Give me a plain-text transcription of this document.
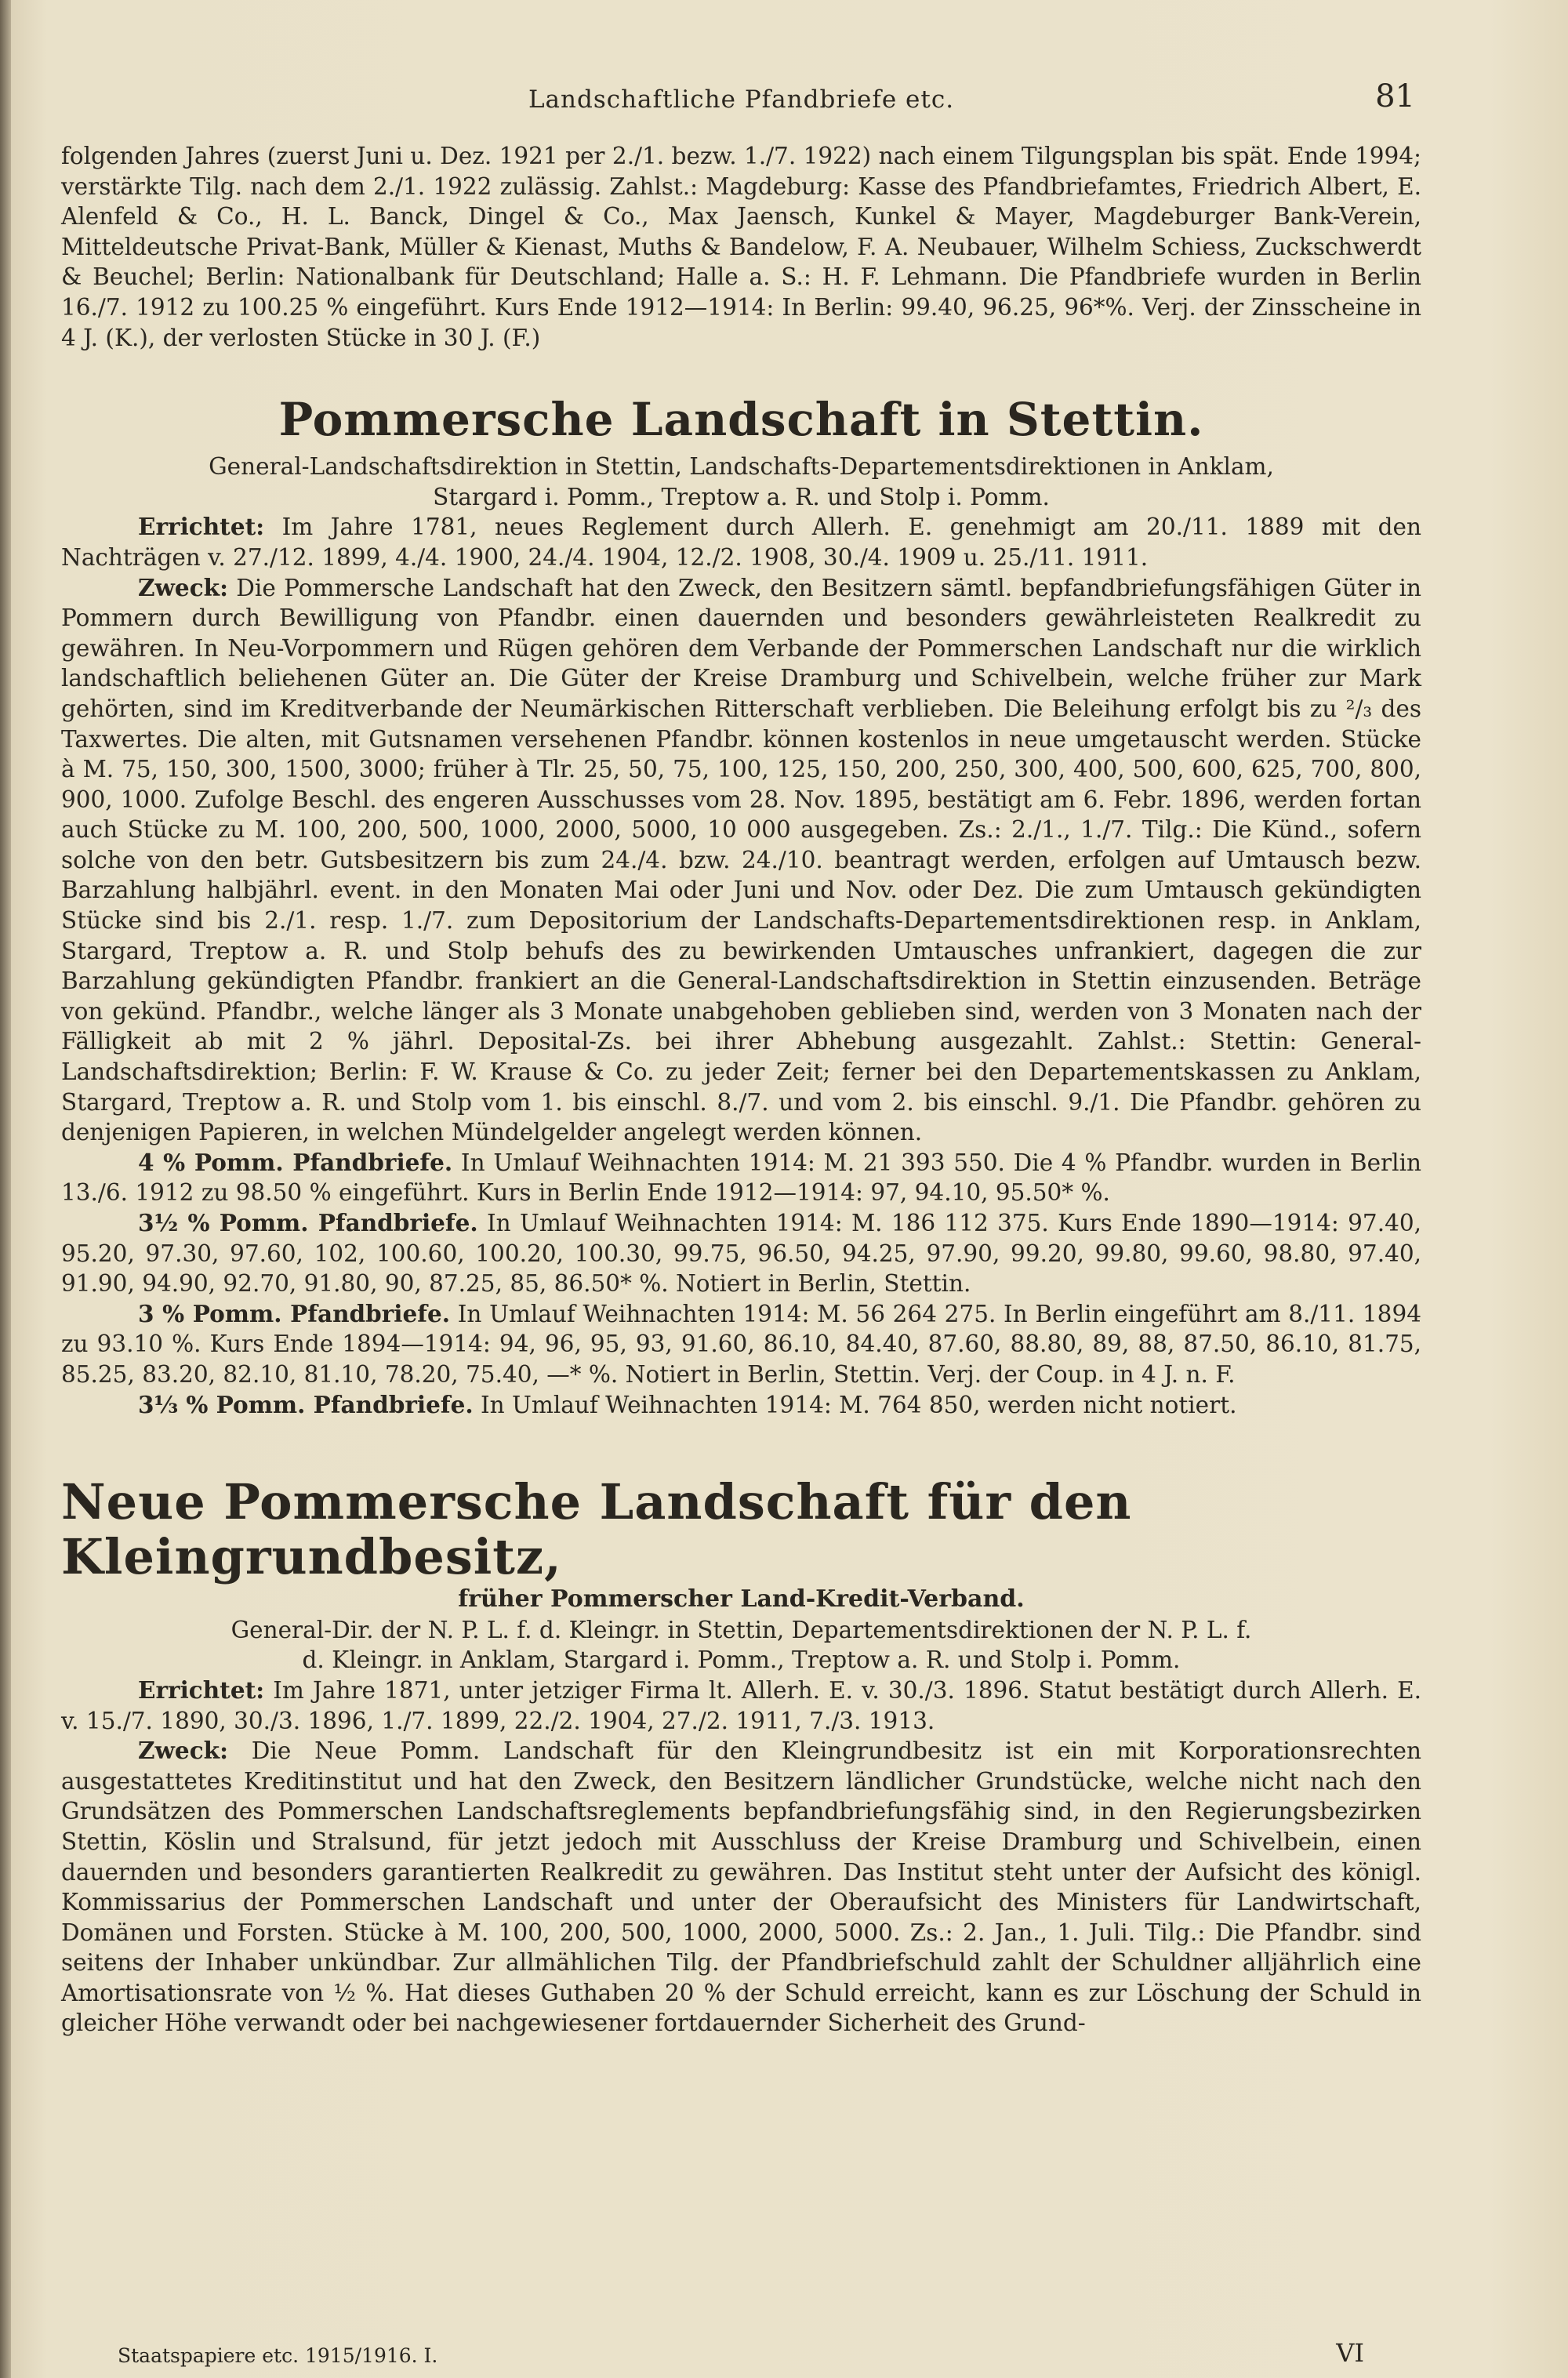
Landschaftliche Pfandbriefe etc.	81

folgenden Jahres (zuerst Juni u. Dez. 1921 per 2./1. bezw. 1./7. 1922) nach einem Tilgungsplan bis spät. Ende 1994; verstärkte Tilg. nach dem 2./1. 1922 zulässig. Zahlst.: Magdeburg: Kasse des Pfandbriefamtes, Friedrich Albert, E. Alenfeld & Co., H. L. Banck, Dingel & Co., Max Jaensch, Kunkel & Mayer, Magdeburger Bank-Verein, Mitteldeutsche Privat-Bank, Müller & Kienast, Muths & Bandelow, F. A. Neubauer, Wilhelm Schiess, Zuckschwerdt & Beuchel; Berlin: Nationalbank für Deutschland; Halle a. S.: H. F. Lehmann. Die Pfandbriefe wurden in Berlin 16./7. 1912 zu 100.25 % eingeführt. Kurs Ende 1912—1914: In Berlin: 99.40, 96.25, 96*%. Verj. der Zinsscheine in 4 J. (K.), der verlosten Stücke in 30 J. (F.)

Pommersche Landschaft in Stettin.

General-Landschaftsdirektion in Stettin, Landschafts-Departementsdirektionen in Anklam,

Stargard i. Pomm., Treptow a. R. und Stolp i. Pomm.

Errichtet: Im Jahre 1781, neues Reglement durch Allerh. E. genehmigt am 20./11. 1889 mit den Nachträgen v. 27./12. 1899, 4./4. 1900, 24./4. 1904, 12./2. 1908, 30./4. 1909 u. 25./11. 1911.

Zweck: Die Pommersche Landschaft hat den Zweck, den Besitzern sämtl. bepfandbriefungsfähigen Güter in Pommern durch Bewilligung von Pfandbr. einen dauernden und besonders gewährleisteten Realkredit zu gewähren. In Neu-Vorpommern und Rügen gehören dem Verbande der Pommerschen Landschaft nur die wirklich landschaftlich beliehenen Güter an. Die Güter der Kreise Dramburg und Schivelbein, welche früher zur Mark gehörten, sind im Kreditverbande der Neumärkischen Ritterschaft verblieben. Die Beleihung erfolgt bis zu ²/₃ des Taxwertes. Die alten, mit Gutsnamen versehenen Pfandbr. können kostenlos in neue umgetauscht werden. Stücke à M. 75, 150, 300, 1500, 3000; früher à Tlr. 25, 50, 75, 100, 125, 150, 200, 250, 300, 400, 500, 600, 625, 700, 800, 900, 1000. Zufolge Beschl. des engeren Ausschusses vom 28. Nov. 1895, bestätigt am 6. Febr. 1896, werden fortan auch Stücke zu M. 100, 200, 500, 1000, 2000, 5000, 10 000 ausgegeben. Zs.: 2./1., 1./7. Tilg.: Die Künd., sofern solche von den betr. Gutsbesitzern bis zum 24./4. bzw. 24./10. beantragt werden, erfolgen auf Umtausch bezw. Barzahlung halbjährl. event. in den Monaten Mai oder Juni und Nov. oder Dez. Die zum Umtausch gekündigten Stücke sind bis 2./1. resp. 1./7. zum Depositorium der Landschafts-Departementsdirektionen resp. in Anklam, Stargard, Treptow a. R. und Stolp behufs des zu bewirkenden Umtausches unfrankiert, dagegen die zur Barzahlung gekündigten Pfandbr. frankiert an die General-Landschaftsdirektion in Stettin einzusenden. Beträge von gekünd. Pfandbr., welche länger als 3 Monate unabgehoben geblieben sind, werden von 3 Monaten nach der Fälligkeit ab mit 2 % jährl. Deposital-Zs. bei ihrer Abhebung ausgezahlt. Zahlst.: Stettin: General-Landschaftsdirektion; Berlin: F. W. Krause & Co. zu jeder Zeit; ferner bei den Departementskassen zu Anklam, Stargard, Treptow a. R. und Stolp vom 1. bis einschl. 8./7. und vom 2. bis einschl. 9./1. Die Pfandbr. gehören zu denjenigen Papieren, in welchen Mündelgelder angelegt werden können.

4 % Pomm. Pfandbriefe. In Umlauf Weihnachten 1914: M. 21 393 550. Die 4 % Pfandbr. wurden in Berlin 13./6. 1912 zu 98.50 % eingeführt. Kurs in Berlin Ende 1912—1914: 97, 94.10, 95.50* %.

3½ % Pomm. Pfandbriefe. In Umlauf Weihnachten 1914: M. 186 112 375. Kurs Ende 1890—1914: 97.40, 95.20, 97.30, 97.60, 102, 100.60, 100.20, 100.30, 99.75, 96.50, 94.25, 97.90, 99.20, 99.80, 99.60, 98.80, 97.40, 91.90, 94.90, 92.70, 91.80, 90, 87.25, 85, 86.50* %. Notiert in Berlin, Stettin.

3 % Pomm. Pfandbriefe. In Umlauf Weihnachten 1914: M. 56 264 275. In Berlin eingeführt am 8./11. 1894 zu 93.10 %. Kurs Ende 1894—1914: 94, 96, 95, 93, 91.60, 86.10, 84.40, 87.60, 88.80, 89, 88, 87.50, 86.10, 81.75, 85.25, 83.20, 82.10, 81.10, 78.20, 75.40, —* %. Notiert in Berlin, Stettin. Verj. der Coup. in 4 J. n. F.

3⅓ % Pomm. Pfandbriefe. In Umlauf Weihnachten 1914: M. 764 850, werden nicht notiert.

Neue Pommersche Landschaft für den Kleingrundbesitz,

früher Pommerscher Land-Kredit-Verband.

General-Dir. der N. P. L. f. d. Kleingr. in Stettin, Departementsdirektionen der N. P. L. f.

d. Kleingr. in Anklam, Stargard i. Pomm., Treptow a. R. und Stolp i. Pomm.

Errichtet: Im Jahre 1871, unter jetziger Firma lt. Allerh. E. v. 30./3. 1896. Statut bestätigt durch Allerh. E. v. 15./7. 1890, 30./3. 1896, 1./7. 1899, 22./2. 1904, 27./2. 1911, 7./3. 1913.

Zweck: Die Neue Pomm. Landschaft für den Kleingrundbesitz ist ein mit Korporationsrechten ausgestattetes Kreditinstitut und hat den Zweck, den Besitzern ländlicher Grundstücke, welche nicht nach den Grundsätzen des Pommerschen Landschaftsreglements bepfandbriefungsfähig sind, in den Regierungsbezirken Stettin, Köslin und Stralsund, für jetzt jedoch mit Ausschluss der Kreise Dramburg und Schivelbein, einen dauernden und besonders garantierten Realkredit zu gewähren. Das Institut steht unter der Aufsicht des königl. Kommissarius der Pommerschen Landschaft und unter der Oberaufsicht des Ministers für Landwirtschaft, Domänen und Forsten. Stücke à M. 100, 200, 500, 1000, 2000, 5000. Zs.: 2. Jan., 1. Juli. Tilg.: Die Pfandbr. sind seitens der Inhaber unkündbar. Zur allmählichen Tilg. der Pfandbriefschuld zahlt der Schuldner alljährlich eine Amortisationsrate von ½ %. Hat dieses Guthaben 20 % der Schuld erreicht, kann es zur Löschung der Schuld in gleicher Höhe verwandt oder bei nachgewiesener fortdauernder Sicherheit des Grund-

Staatspapiere etc. 1915/1916. I.	VI
